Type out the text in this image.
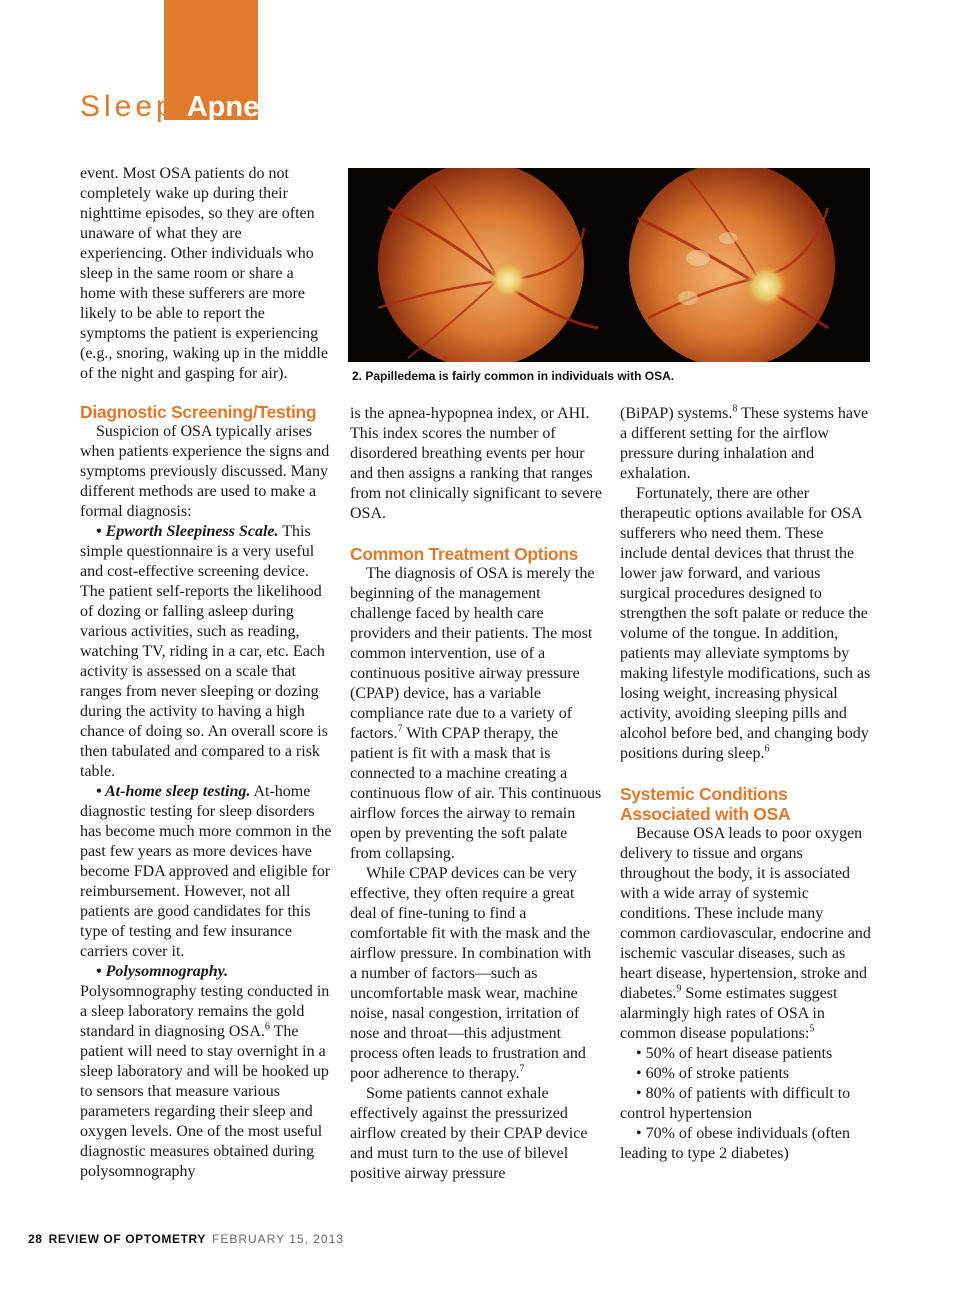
Sleep Apnea

event. Most OSA patients do not completely wake up during their nighttime episodes, so they are often unaware of what they are experiencing. Other individuals who sleep in the same room or share a home with these sufferers are more likely to be able to report the symptoms the patient is experiencing (e.g., snoring, waking up in the middle of the night and gasping for air).

Diagnostic Screening/Testing

Suspicion of OSA typically arises when patients experience the signs and symptoms previously discussed. Many different methods are used to make a formal diagnosis:

• Epworth Sleepiness Scale. This simple questionnaire is a very useful and cost-effective screening device. The patient self-reports the likelihood of dozing or falling asleep during various activities, such as reading, watching TV, riding in a car, etc. Each activity is assessed on a scale that ranges from never sleeping or dozing during the activity to having a high chance of doing so. An overall score is then tabulated and compared to a risk table.

• At-home sleep testing. At-home diagnostic testing for sleep disorders has become much more common in the past few years as more devices have become FDA approved and eligible for reimbursement. However, not all patients are good candidates for this type of testing and few insurance carriers cover it.

• Polysomnography. Polysomnography testing conducted in a sleep laboratory remains the gold standard in diagnosing OSA.$^6$ The patient will need to stay overnight in a sleep laboratory and will be hooked up to sensors that measure various parameters regarding their sleep and oxygen levels. One of the most useful diagnostic measures obtained during polysomnography

2. Papilledema is fairly common in individuals with OSA.

is the apnea-hypopnea index, or AHI. This index scores the number of disordered breathing events per hour and then assigns a ranking that ranges from not clinically significant to severe OSA.

Common Treatment Options

The diagnosis of OSA is merely the beginning of the management challenge faced by health care providers and their patients. The most common intervention, use of a continuous positive airway pressure (CPAP) device, has a variable compliance rate due to a variety of factors.$^7$ With CPAP therapy, the patient is fit with a mask that is connected to a machine creating a continuous flow of air. This continuous airflow forces the airway to remain open by preventing the soft palate from collapsing.

While CPAP devices can be very effective, they often require a great deal of fine-tuning to find a comfortable fit with the mask and the airflow pressure. In combination with a number of factors—such as uncomfortable mask wear, machine noise, nasal congestion, irritation of nose and throat—this adjustment process often leads to frustration and poor adherence to therapy.$^7$

Some patients cannot exhale effectively against the pressurized airflow created by their CPAP device and must turn to the use of bilevel positive airway pressure

(BiPAP) systems.$^8$ These systems have a different setting for the airflow pressure during inhalation and exhalation.

Fortunately, there are other therapeutic options available for OSA sufferers who need them. These include dental devices that thrust the lower jaw forward, and various surgical procedures designed to strengthen the soft palate or reduce the volume of the tongue. In addition, patients may alleviate symptoms by making lifestyle modifications, such as losing weight, increasing physical activity, avoiding sleeping pills and alcohol before bed, and changing body positions during sleep.$^6$

Systemic Conditions Associated with OSA

Because OSA leads to poor oxygen delivery to tissue and organs throughout the body, it is associated with a wide array of systemic conditions. These include many common cardiovascular, endocrine and ischemic vascular diseases, such as heart disease, hypertension, stroke and diabetes.$^9$ Some estimates suggest alarmingly high rates of OSA in common disease populations:$^5$

• 50% of heart disease patients

• 60% of stroke patients

• 80% of patients with difficult to control hypertension

• 70% of obese individuals (often leading to type 2 diabetes)

28 REVIEW OF OPTOMETRY FEBRUARY 15, 2013
